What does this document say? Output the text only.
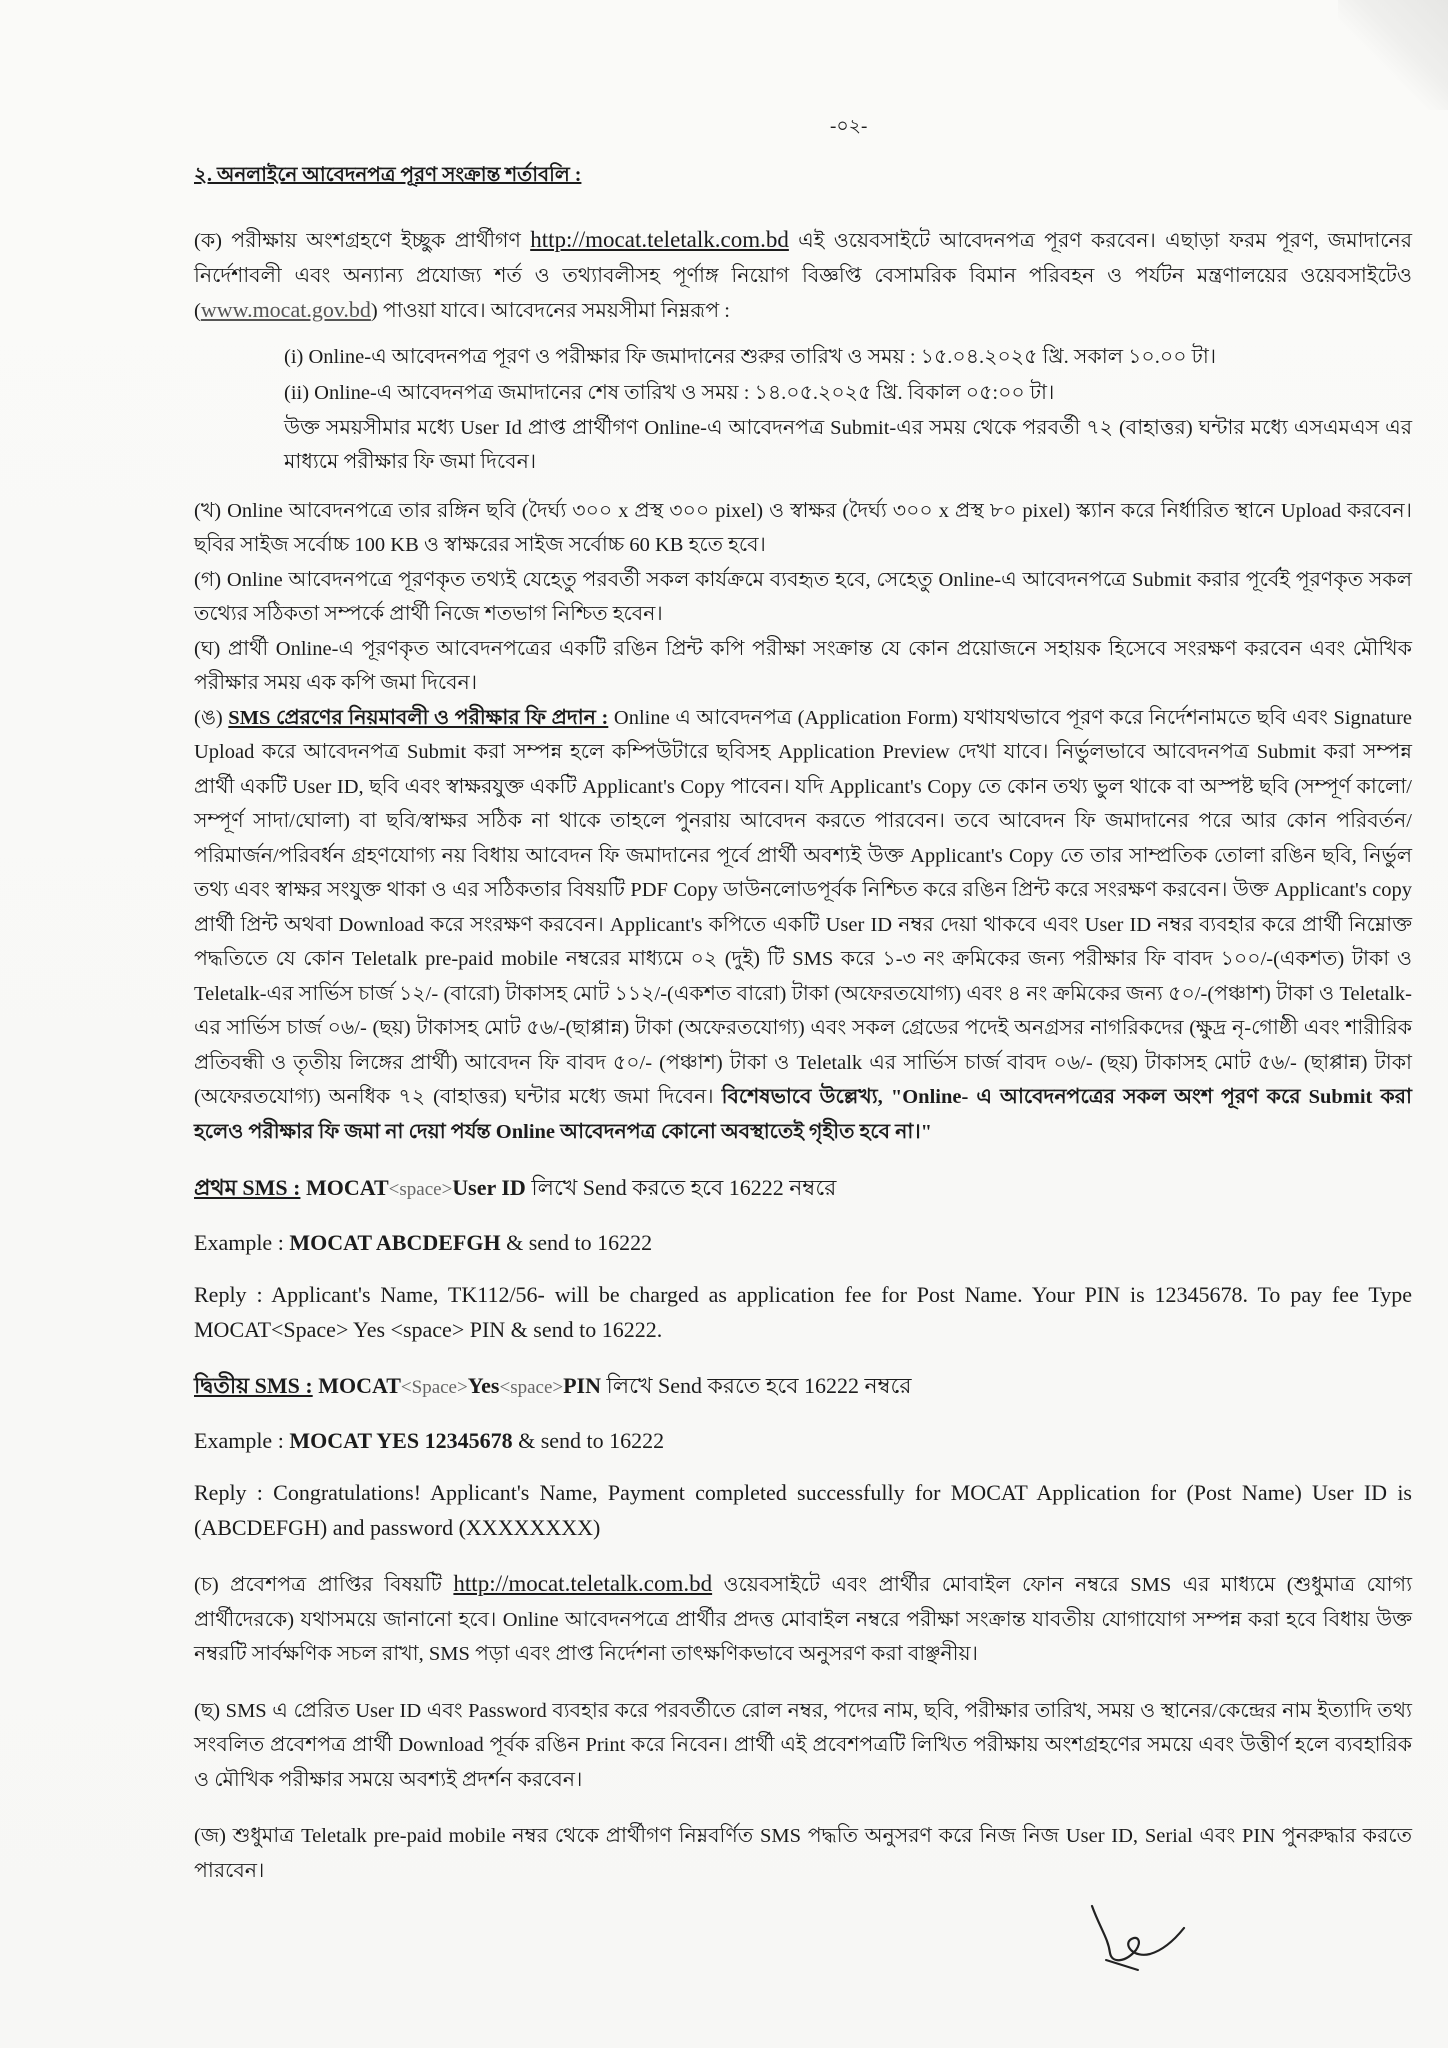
-০২-

২. অনলাইনে আবেদনপত্র পূরণ সংক্রান্ত শর্তাবলি :

(ক) পরীক্ষায় অংশগ্রহণে ইচ্ছুক প্রার্থীগণ http://mocat.teletalk.com.bd এই ওয়েবসাইটে আবেদনপত্র পূরণ করবেন। এছাড়া ফরম পূরণ, জমাদানের নির্দেশাবলী এবং অন্যান্য প্রযোজ্য শর্ত ও তথ্যাবলীসহ পূর্ণাঙ্গ নিয়োগ বিজ্ঞপ্তি বেসামরিক বিমান পরিবহন ও পর্যটন মন্ত্রণালয়ের ওয়েবসাইটেও (www.mocat.gov.bd) পাওয়া যাবে। আবেদনের সময়সীমা নিম্নরূপ :

(i) Online-এ আবেদনপত্র পূরণ ও পরীক্ষার ফি জমাদানের শুরুর তারিখ ও সময় : ১৫.০৪.২০২৫ খ্রি. সকাল ১০.০০ টা।
(ii) Online-এ আবেদনপত্র জমাদানের শেষ তারিখ ও সময় : ১৪.০৫.২০২৫ খ্রি. বিকাল ০৫:০০ টা।

উক্ত সময়সীমার মধ্যে User Id প্রাপ্ত প্রার্থীগণ Online-এ আবেদনপত্র Submit-এর সময় থেকে পরবর্তী ৭২ (বাহাত্তর) ঘন্টার মধ্যে এসএমএস এর মাধ্যমে পরীক্ষার ফি জমা দিবেন।

(খ) Online আবেদনপত্রে তার রঙ্গিন ছবি (দৈর্ঘ্য ৩০০ x প্রস্থ ৩০০ pixel) ও স্বাক্ষর (দৈর্ঘ্য ৩০০ x প্রস্থ ৮০ pixel) স্ক্যান করে নির্ধারিত স্থানে Upload করবেন। ছবির সাইজ সর্বোচ্চ 100 KB ও স্বাক্ষরের সাইজ সর্বোচ্চ 60 KB হতে হবে।

(গ) Online আবেদনপত্রে পূরণকৃত তথ্যই যেহেতু পরবর্তী সকল কার্যক্রমে ব্যবহৃত হবে, সেহেতু Online-এ আবেদনপত্রে Submit করার পূর্বেই পূরণকৃত সকল তথ্যের সঠিকতা সম্পর্কে প্রার্থী নিজে শতভাগ নিশ্চিত হবেন।

(ঘ) প্রার্থী Online-এ পূরণকৃত আবেদনপত্রের একটি রঙিন প্রিন্ট কপি পরীক্ষা সংক্রান্ত যে কোন প্রয়োজনে সহায়ক হিসেবে সংরক্ষণ করবেন এবং মৌখিক পরীক্ষার সময় এক কপি জমা দিবেন।

(ঙ) SMS প্রেরণের নিয়মাবলী ও পরীক্ষার ফি প্রদান : Online এ আবেদনপত্র (Application Form) যথাযথভাবে পূরণ করে নির্দেশনামতে ছবি এবং Signature Upload করে আবেদনপত্র Submit করা সম্পন্ন হলে কম্পিউটারে ছবিসহ Application Preview দেখা যাবে। নির্ভুলভাবে আবেদনপত্র Submit করা সম্পন্ন প্রার্থী একটি User ID, ছবি এবং স্বাক্ষরযুক্ত একটি Applicant's Copy পাবেন। যদি Applicant's Copy তে কোন তথ্য ভুল থাকে বা অস্পষ্ট ছবি (সম্পূর্ণ কালো/সম্পূর্ণ সাদা/ঘোলা) বা ছবি/স্বাক্ষর সঠিক না থাকে তাহলে পুনরায় আবেদন করতে পারবেন। তবে আবেদন ফি জমাদানের পরে আর কোন পরিবর্তন/পরিমার্জন/পরিবর্ধন গ্রহণযোগ্য নয় বিধায় আবেদন ফি জমাদানের পূর্বে প্রার্থী অবশ্যই উক্ত Applicant's Copy তে তার সাম্প্রতিক তোলা রঙিন ছবি, নির্ভুল তথ্য এবং স্বাক্ষর সংযুক্ত থাকা ও এর সঠিকতার বিষয়টি PDF Copy ডাউনলোডপূর্বক নিশ্চিত করে রঙিন প্রিন্ট করে সংরক্ষণ করবেন। উক্ত Applicant's copy প্রার্থী প্রিন্ট অথবা Download করে সংরক্ষণ করবেন। Applicant's কপিতে একটি User ID নম্বর দেয়া থাকবে এবং User ID নম্বর ব্যবহার করে প্রার্থী নিম্নোক্ত পদ্ধতিতে যে কোন Teletalk pre-paid mobile নম্বরের মাধ্যমে ০২ (দুই) টি SMS করে ১-৩ নং ক্রমিকের জন্য পরীক্ষার ফি বাবদ ১০০/-(একশত) টাকা ও Teletalk-এর সার্ভিস চার্জ ১২/- (বারো) টাকাসহ মোট ১১২/-(একশত বারো) টাকা (অফেরতযোগ্য) এবং ৪ নং ক্রমিকের জন্য ৫০/-(পঞ্চাশ) টাকা ও Teletalk-এর সার্ভিস চার্জ ০৬/- (ছয়) টাকাসহ মোট ৫৬/-(ছাপ্পান্ন) টাকা (অফেরতযোগ্য) এবং সকল গ্রেডের পদেই অনগ্রসর নাগরিকদের (ক্ষুদ্র নৃ-গোষ্ঠী এবং শারীরিক প্রতিবন্ধী ও তৃতীয় লিঙ্গের প্রার্থী) আবেদন ফি বাবদ ৫০/- (পঞ্চাশ) টাকা ও Teletalk এর সার্ভিস চার্জ বাবদ ০৬/- (ছয়) টাকাসহ মোট ৫৬/- (ছাপ্পান্ন) টাকা (অফেরতযোগ্য) অনধিক ৭২ (বাহাত্তর) ঘন্টার মধ্যে জমা দিবেন। বিশেষভাবে উল্লেখ্য, "Online- এ আবেদনপত্রের সকল অংশ পূরণ করে Submit করা হলেও পরীক্ষার ফি জমা না দেয়া পর্যন্ত Online আবেদনপত্র কোনো অবস্থাতেই গৃহীত হবে না।"

প্রথম SMS : MOCAT<space>User ID লিখে Send করতে হবে 16222 নম্বরে

Example : MOCAT ABCDEFGH & send to 16222

Reply : Applicant's Name, TK112/56- will be charged as application fee for Post Name. Your PIN is 12345678. To pay fee Type MOCAT<Space> Yes <space> PIN & send to 16222.

দ্বিতীয় SMS : MOCAT<Space>Yes<space>PIN লিখে Send করতে হবে 16222 নম্বরে

Example : MOCAT YES 12345678 & send to 16222

Reply : Congratulations! Applicant's Name, Payment completed successfully for MOCAT Application for (Post Name) User ID is (ABCDEFGH) and password (XXXXXXXX)

(চ) প্রবেশপত্র প্রাপ্তির বিষয়টি http://mocat.teletalk.com.bd ওয়েবসাইটে এবং প্রার্থীর মোবাইল ফোন নম্বরে SMS এর মাধ্যমে (শুধুমাত্র যোগ্য প্রার্থীদেরকে) যথাসময়ে জানানো হবে। Online আবেদনপত্রে প্রার্থীর প্রদত্ত মোবাইল নম্বরে পরীক্ষা সংক্রান্ত যাবতীয় যোগাযোগ সম্পন্ন করা হবে বিধায় উক্ত নম্বরটি সার্বক্ষণিক সচল রাখা, SMS পড়া এবং প্রাপ্ত নির্দেশনা তাৎক্ষণিকভাবে অনুসরণ করা বাঞ্ছনীয়।

(ছ) SMS এ প্রেরিত User ID এবং Password ব্যবহার করে পরবর্তীতে রোল নম্বর, পদের নাম, ছবি, পরীক্ষার তারিখ, সময় ও স্থানের/কেন্দ্রের নাম ইত্যাদি তথ্য সংবলিত প্রবেশপত্র প্রার্থী Download পূর্বক রঙিন Print করে নিবেন। প্রার্থী এই প্রবেশপত্রটি লিখিত পরীক্ষায় অংশগ্রহণের সময়ে এবং উত্তীর্ণ হলে ব্যবহারিক ও মৌখিক পরীক্ষার সময়ে অবশ্যই প্রদর্শন করবেন।

(জ) শুধুমাত্র Teletalk pre-paid mobile নম্বর থেকে প্রার্থীগণ নিম্নবর্ণিত SMS পদ্ধতি অনুসরণ করে নিজ নিজ User ID, Serial এবং PIN পুনরুদ্ধার করতে পারবেন।
